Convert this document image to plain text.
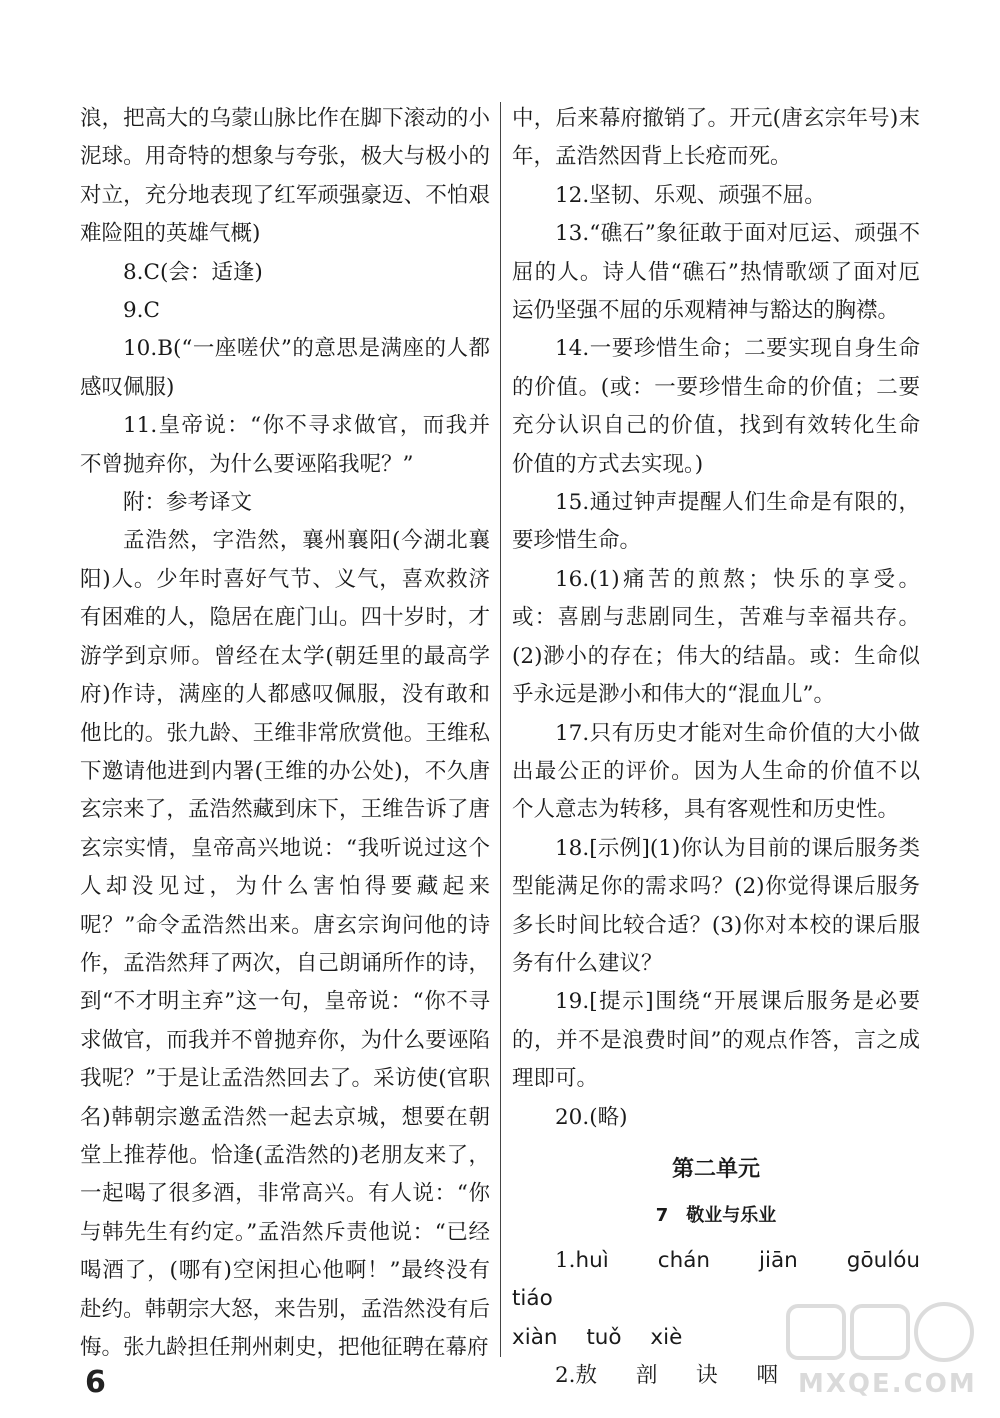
浪，把高大的乌蒙山脉比作在脚下滚动的小泥球。用奇特的想象与夸张，极大与极小的对立，充分地表现了红军顽强豪迈、不怕艰难险阻的英雄气概)

8.C(会：适逢)

9.C

10.B(“一座嗟伏”的意思是满座的人都感叹佩服)

11.皇帝说：“你不寻求做官，而我并不曾抛弃你，为什么要诬陷我呢？”

附：参考译文

孟浩然，字浩然，襄州襄阳(今湖北襄阳)人。少年时喜好气节、义气，喜欢救济有困难的人，隐居在鹿门山。四十岁时，才游学到京师。曾经在太学(朝廷里的最高学府)作诗，满座的人都感叹佩服，没有敢和他比的。张九龄、王维非常欣赏他。王维私下邀请他进到内署(王维的办公处)，不久唐玄宗来了，孟浩然藏到床下，王维告诉了唐玄宗实情，皇帝高兴地说：“我听说过这个人却没见过，为什么害怕得要藏起来呢？”命令孟浩然出来。唐玄宗询问他的诗作，孟浩然拜了两次，自己朗诵所作的诗，到“不才明主弃”这一句，皇帝说：“你不寻求做官，而我并不曾抛弃你，为什么要诬陷我呢？”于是让孟浩然回去了。采访使(官职名)韩朝宗邀孟浩然一起去京城，想要在朝堂上推荐他。恰逢(孟浩然的)老朋友来了，一起喝了很多酒，非常高兴。有人说：“你与韩先生有约定。”孟浩然斥责他说：“已经喝酒了，(哪有)空闲担心他啊！”最终没有赴约。韩朝宗大怒，来告别，孟浩然没有后悔。张九龄担任荆州刺史，把他征聘在幕府

中，后来幕府撤销了。开元(唐玄宗年号)末年，孟浩然因背上长疮而死。

12.坚韧、乐观、顽强不屈。

13.“礁石”象征敢于面对厄运、顽强不屈的人。诗人借“礁石”热情歌颂了面对厄运仍坚强不屈的乐观精神与豁达的胸襟。

14.一要珍惜生命；二要实现自身生命的价值。(或：一要珍惜生命的价值；二要充分认识自己的价值，找到有效转化生命价值的方式去实现。)

15.通过钟声提醒人们生命是有限的，要珍惜生命。

16.(1)痛苦的煎熬；快乐的享受。或：喜剧与悲剧同生，苦难与幸福共存。(2)渺小的存在；伟大的结晶。或：生命似乎永远是渺小和伟大的“混血儿”。

17.只有历史才能对生命价值的大小做出最公正的评价。因为人生命的价值不以个人意志为转移，具有客观性和历史性。

18.[示例](1)你认为目前的课后服务类型能满足你的需求吗？(2)你觉得课后服务多长时间比较合适？(3)你对本校的课后服务有什么建议？

19.[提示]围绕“开展课后服务是必要的，并不是浪费时间”的观点作答，言之成理即可。

20.(略)

第二单元

7　敬业与乐业

1.huì chán jiān gōulóu tiáo

xiàn tuǒ xiè

2.敖 剖 诀 咽

6	MXQE.COM
